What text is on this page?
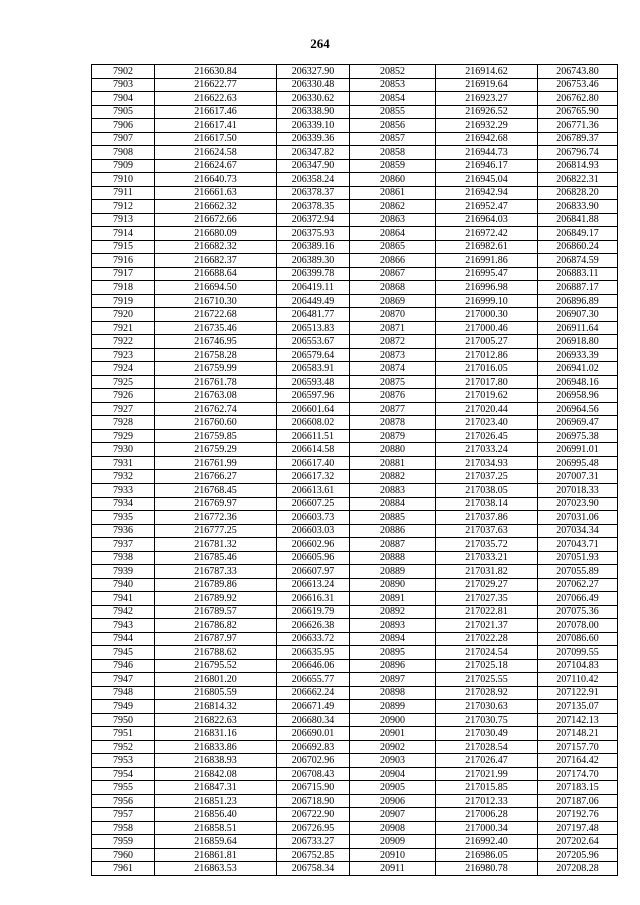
264
7902	216630.84	206327.90	20852	216914.62	206743.80
7903	216622.77	206330.48	20853	216919.64	206753.46
7904	216622.63	206330.62	20854	216923.27	206762.80
7905	216617.46	206338.90	20855	216926.52	206765.90
7906	216617.41	206339.10	20856	216932.29	206771.36
7907	216617.50	206339.36	20857	216942.68	206789.37
7908	216624.58	206347.82	20858	216944.73	206796.74
7909	216624.67	206347.90	20859	216946.17	206814.93
7910	216640.73	206358.24	20860	216945.04	206822.31
7911	216661.63	206378.37	20861	216942.94	206828.20
7912	216662.32	206378.35	20862	216952.47	206833.90
7913	216672.66	206372.94	20863	216964.03	206841.88
7914	216680.09	206375.93	20864	216972.42	206849.17
7915	216682.32	206389.16	20865	216982.61	206860.24
7916	216682.37	206389.30	20866	216991.86	206874.59
7917	216688.64	206399.78	20867	216995.47	206883.11
7918	216694.50	206419.11	20868	216996.98	206887.17
7919	216710.30	206449.49	20869	216999.10	206896.89
7920	216722.68	206481.77	20870	217000.30	206907.30
7921	216735.46	206513.83	20871	217000.46	206911.64
7922	216746.95	206553.67	20872	217005.27	206918.80
7923	216758.28	206579.64	20873	217012.86	206933.39
7924	216759.99	206583.91	20874	217016.05	206941.02
7925	216761.78	206593.48	20875	217017.80	206948.16
7926	216763.08	206597.96	20876	217019.62	206958.96
7927	216762.74	206601.64	20877	217020.44	206964.56
7928	216760.60	206608.02	20878	217023.40	206969.47
7929	216759.85	206611.51	20879	217026.45	206975.38
7930	216759.29	206614.58	20880	217033.24	206991.01
7931	216761.99	206617.40	20881	217034.93	206995.48
7932	216766.27	206617.32	20882	217037.25	207007.31
7933	216768.45	206613.61	20883	217038.05	207018.33
7934	216769.97	206607.25	20884	217038.14	207023.90
7935	216772.36	206603.73	20885	217037.86	207031.06
7936	216777.25	206603.03	20886	217037.63	207034.34
7937	216781.32	206602.96	20887	217035.72	207043.71
7938	216785.46	206605.96	20888	217033.21	207051.93
7939	216787.33	206607.97	20889	217031.82	207055.89
7940	216789.86	206613.24	20890	217029.27	207062.27
7941	216789.92	206616.31	20891	217027.35	207066.49
7942	216789.57	206619.79	20892	217022.81	207075.36
7943	216786.82	206626.38	20893	217021.37	207078.00
7944	216787.97	206633.72	20894	217022.28	207086.60
7945	216788.62	206635.95	20895	217024.54	207099.55
7946	216795.52	206646.06	20896	217025.18	207104.83
7947	216801.20	206655.77	20897	217025.55	207110.42
7948	216805.59	206662.24	20898	217028.92	207122.91
7949	216814.32	206671.49	20899	217030.63	207135.07
7950	216822.63	206680.34	20900	217030.75	207142.13
7951	216831.16	206690.01	20901	217030.49	207148.21
7952	216833.86	206692.83	20902	217028.54	207157.70
7953	216838.93	206702.96	20903	217026.47	207164.42
7954	216842.08	206708.43	20904	217021.99	207174.70
7955	216847.31	206715.90	20905	217015.85	207183.15
7956	216851.23	206718.90	20906	217012.33	207187.06
7957	216856.40	206722.90	20907	217006.28	207192.76
7958	216858.51	206726.95	20908	217000.34	207197.48
7959	216859.64	206733.27	20909	216992.40	207202.64
7960	216861.81	206752.85	20910	216986.05	207205.96
7961	216863.53	206758.34	20911	216980.78	207208.28
